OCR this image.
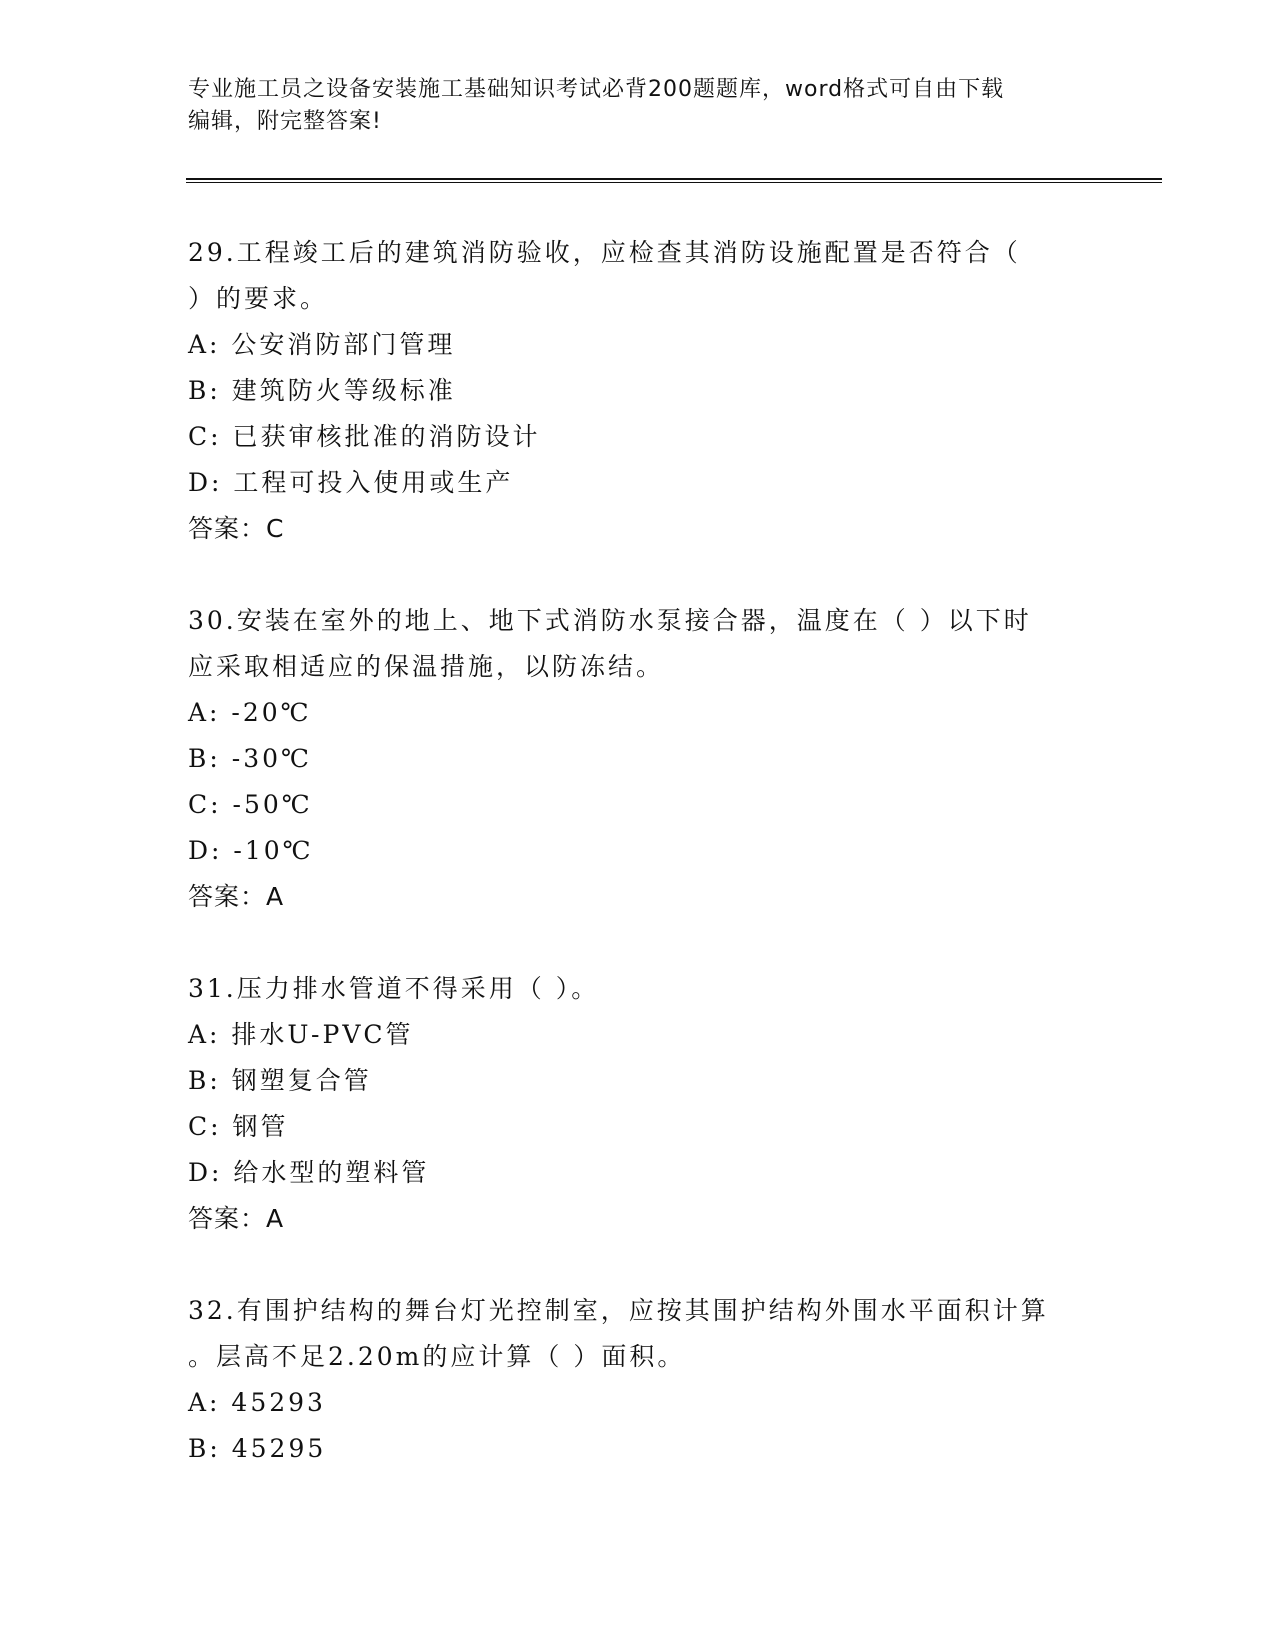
专业施工员之设备安装施工基础知识考试必背200题题库，word格式可自由下载
编辑，附完整答案!
29.工程竣工后的建筑消防验收，应检查其消防设施配置是否符合（
）的要求。
A: 公安消防部门管理
B: 建筑防火等级标准
C: 已获审核批准的消防设计
D: 工程可投入使用或生产
答案：C
30.安装在室外的地上、地下式消防水泵接合器，温度在（ ）以下时
应采取相适应的保温措施，以防冻结。
A: -20℃
B: -30℃
C: -50℃
D: -10℃
答案：A
31.压力排水管道不得采用（ ）。
A: 排水U-PVC管
B: 钢塑复合管
C: 钢管
D: 给水型的塑料管
答案：A
32.有围护结构的舞台灯光控制室，应按其围护结构外围水平面积计算
。层高不足2.20m的应计算（ ）面积。
A: 45293
B: 45295
